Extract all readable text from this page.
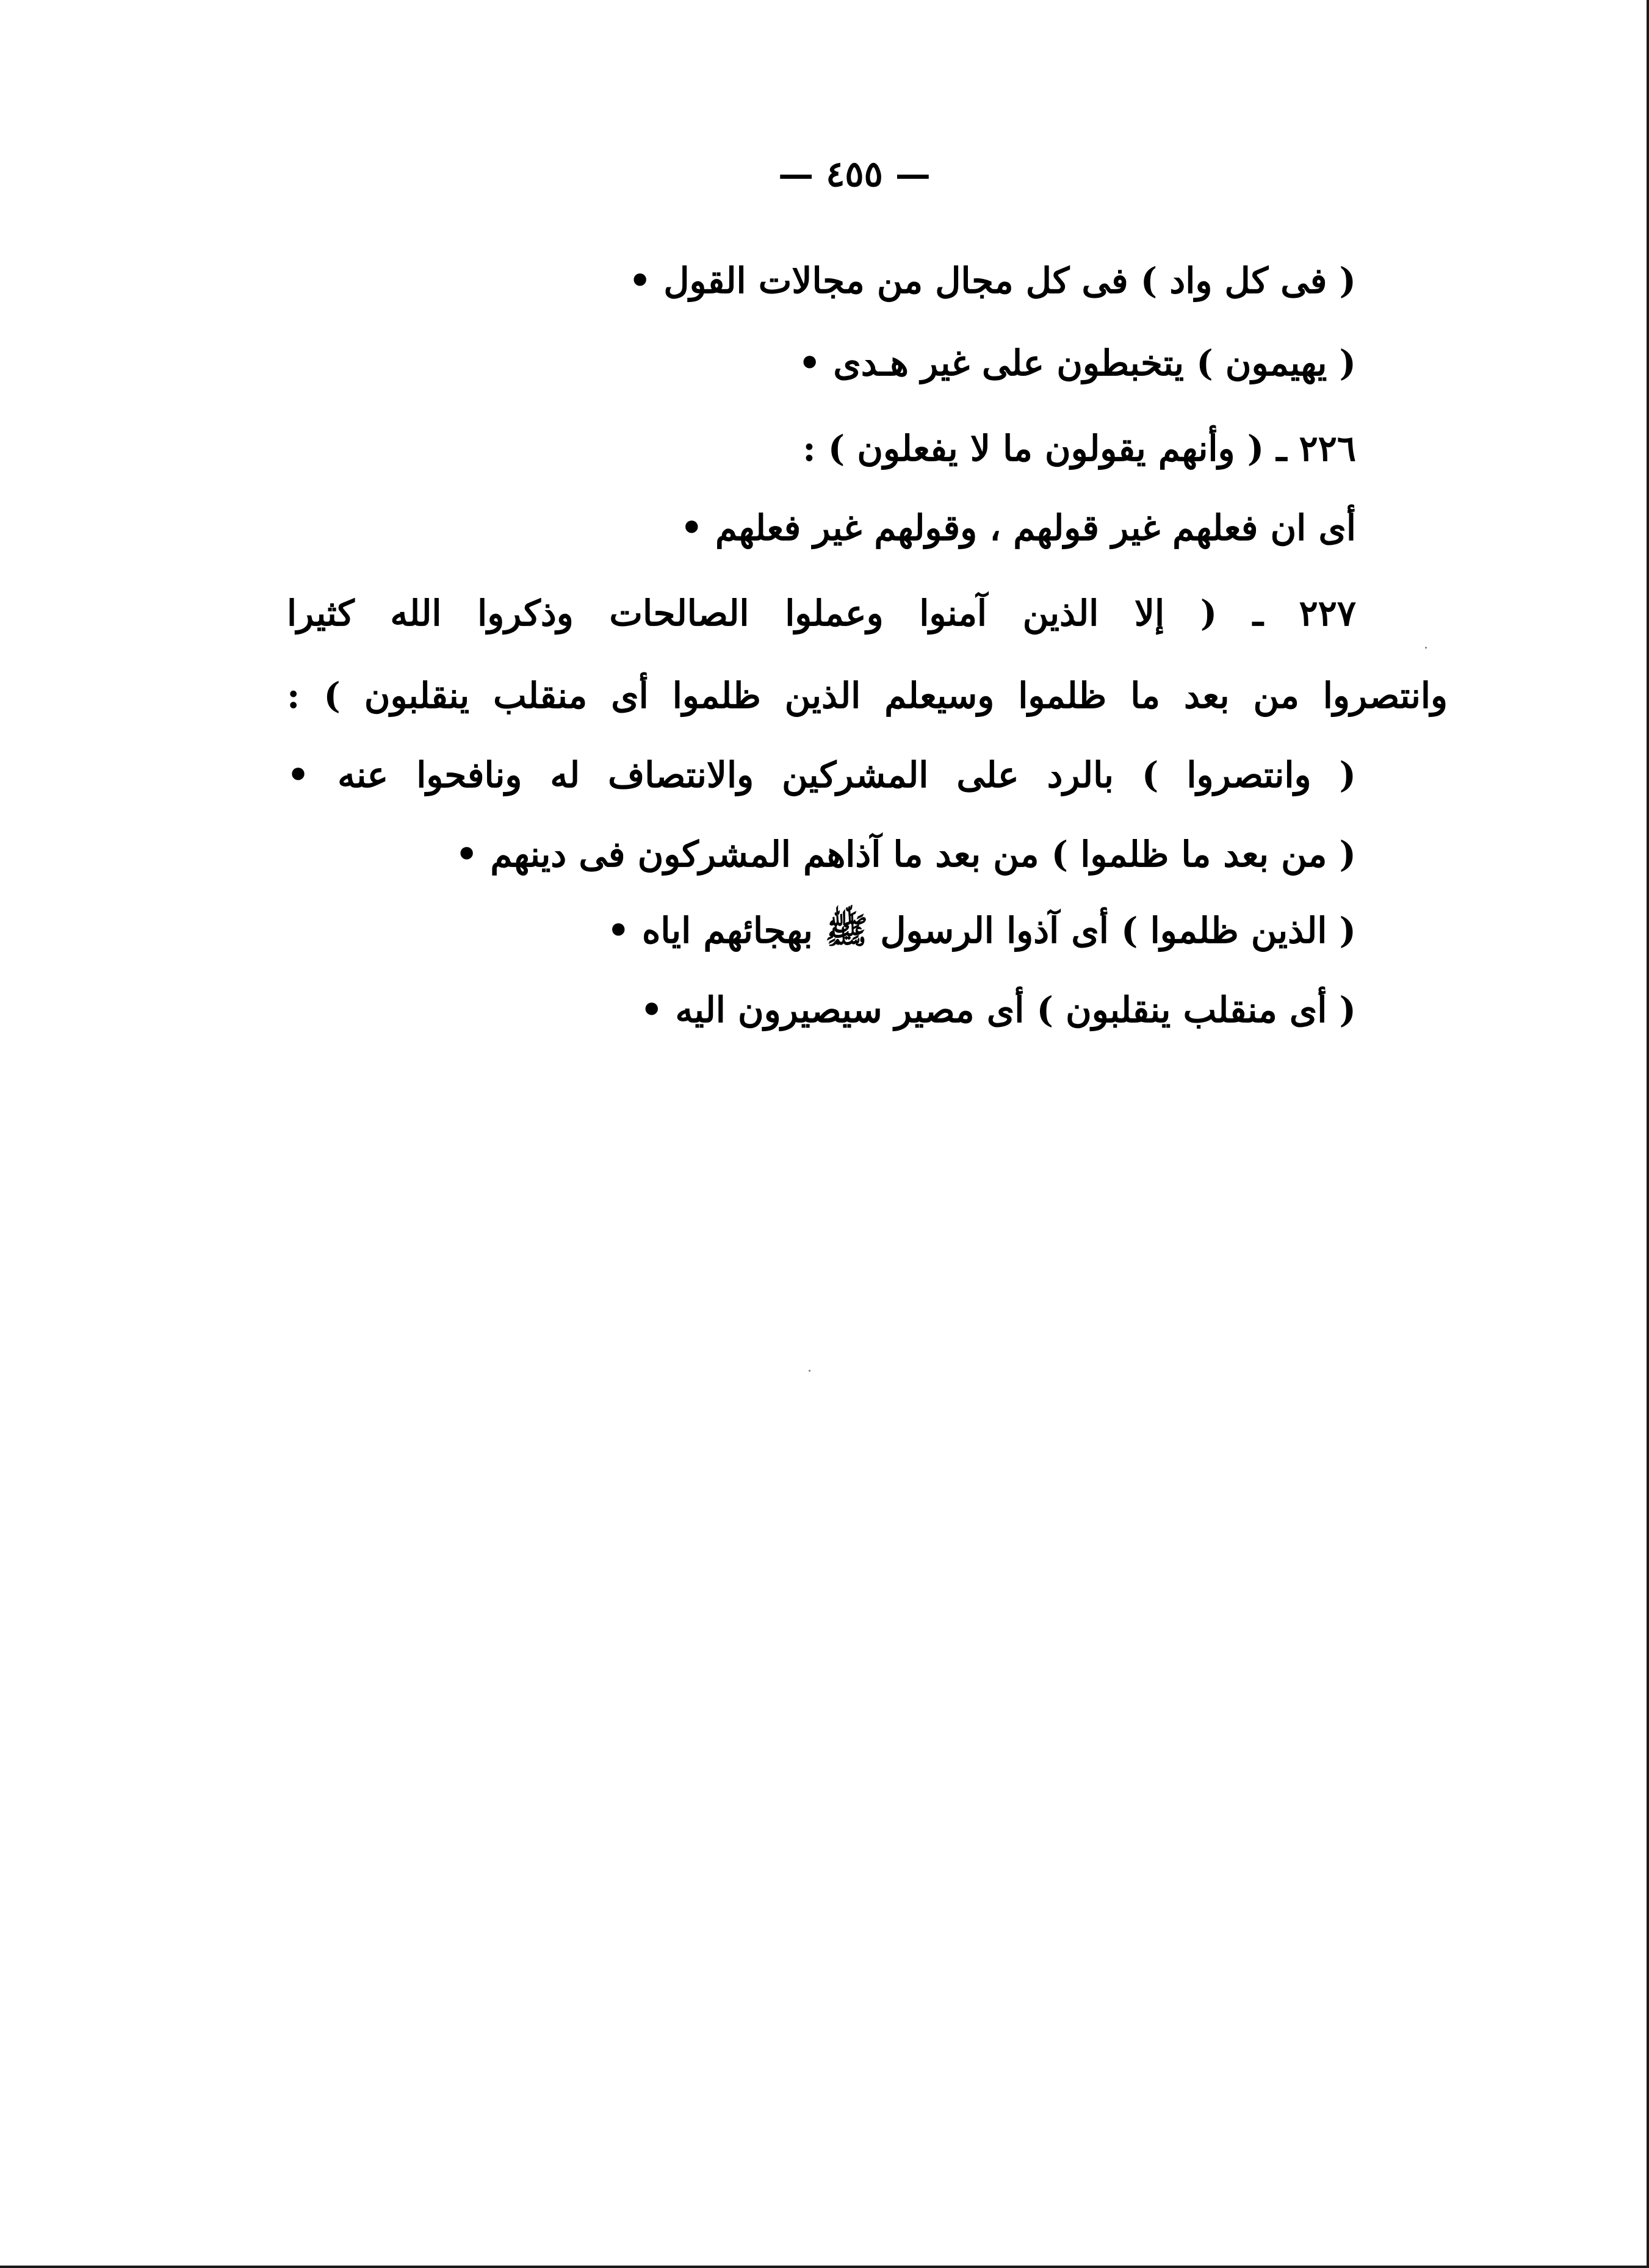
— ٤٥٥ —
( فى كل واد ) فى كل مجال من مجالات القول •
( يهيمون ) يتخبطون على غير هـدى •
٢٢٦ ـ ( وأنهم يقولون ما لا يفعلون ) :
أى ان فعلهم غير قولهم ، وقولهم غير فعلهم •
٢٢٧ ـ ( إلا الذين آمنوا وعملوا الصالحات وذكروا الله كثيرا
وانتصروا من بعد ما ظلموا وسيعلم الذين ظلموا أى منقلب ينقلبون ) :
( وانتصروا ) بالرد على المشركين والانتصاف له ونافحوا عنه •
( من بعد ما ظلموا ) من بعد ما آذاهم المشركون فى دينهم •
( الذين ظلموا ) أى آذوا الرسول ﷺ بهجائهم اياه •
( أى منقلب ينقلبون ) أى مصير سيصيرون اليه •
